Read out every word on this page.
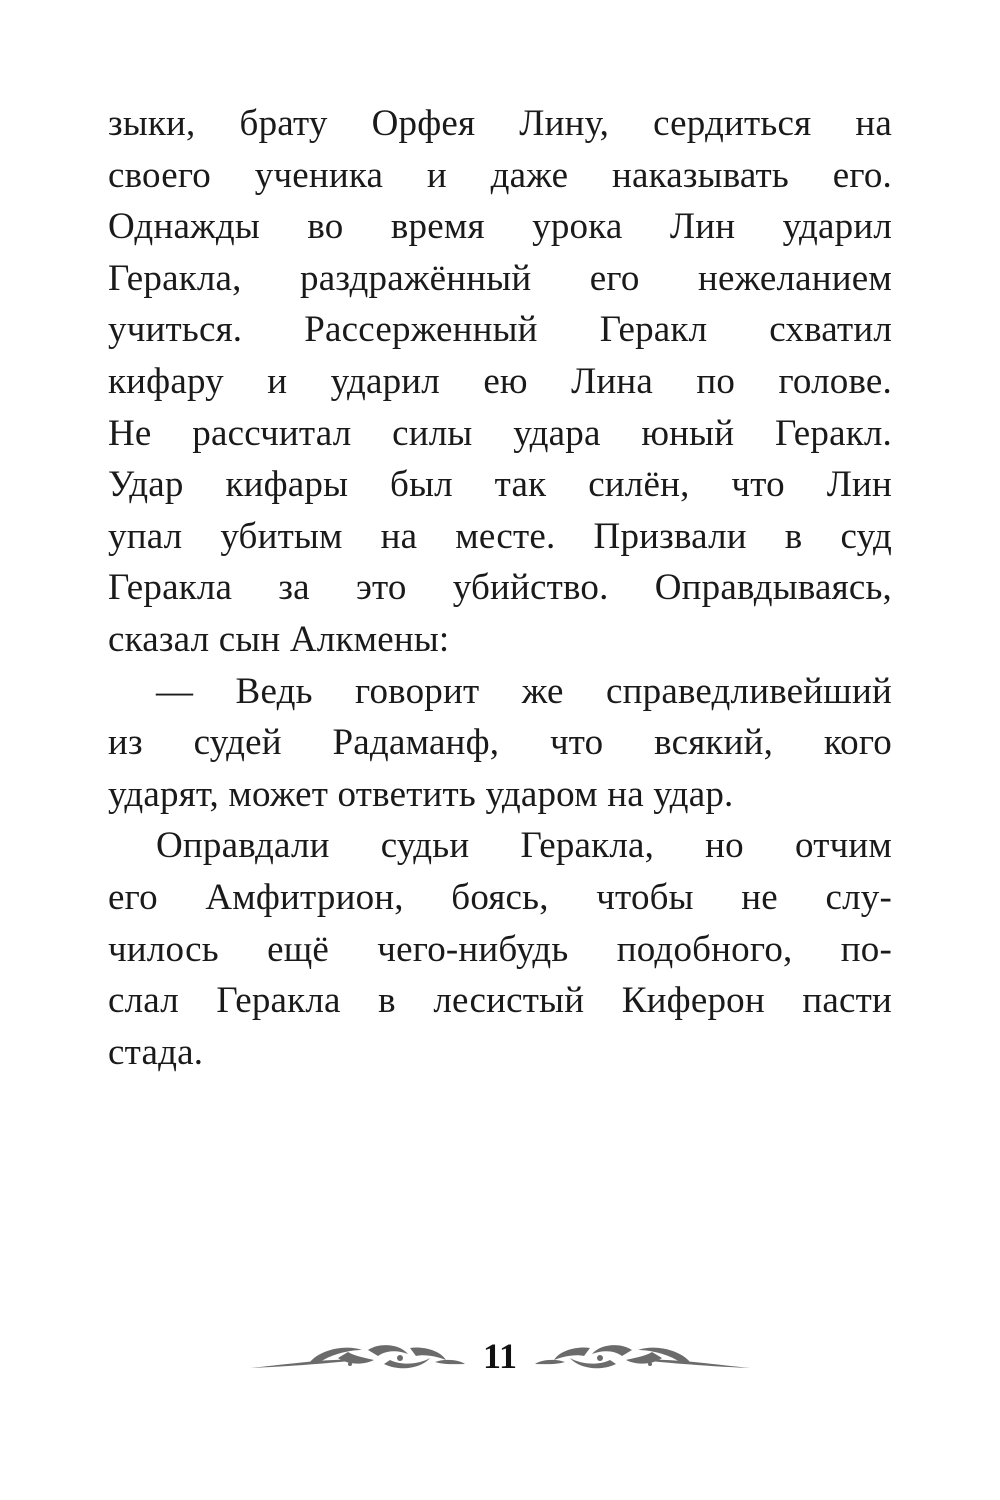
зыки, брату Орфея Лину, сердиться на
своего ученика и даже наказывать его.
Однажды во время урока Лин ударил
Геракла, раздражённый его нежеланием
учиться. Рассерженный Геракл схватил
кифару и ударил ею Лина по голове.
Не рассчитал силы удара юный Геракл.
Удар кифары был так силён, что Лин
упал убитым на месте. Призвали в суд
Геракла за это убийство. Оправдываясь,
сказал сын Алкмены:
— Ведь говорит же справедливейший
из судей Радаманф, что всякий, кого
ударят, может ответить ударом на удар.
Оправдали судьи Геракла, но отчим
его Амфитрион, боясь, чтобы не слу-
чилось ещё чего-нибудь подобного, по-
слал Геракла в лесистый Киферон пасти
стада.
11
